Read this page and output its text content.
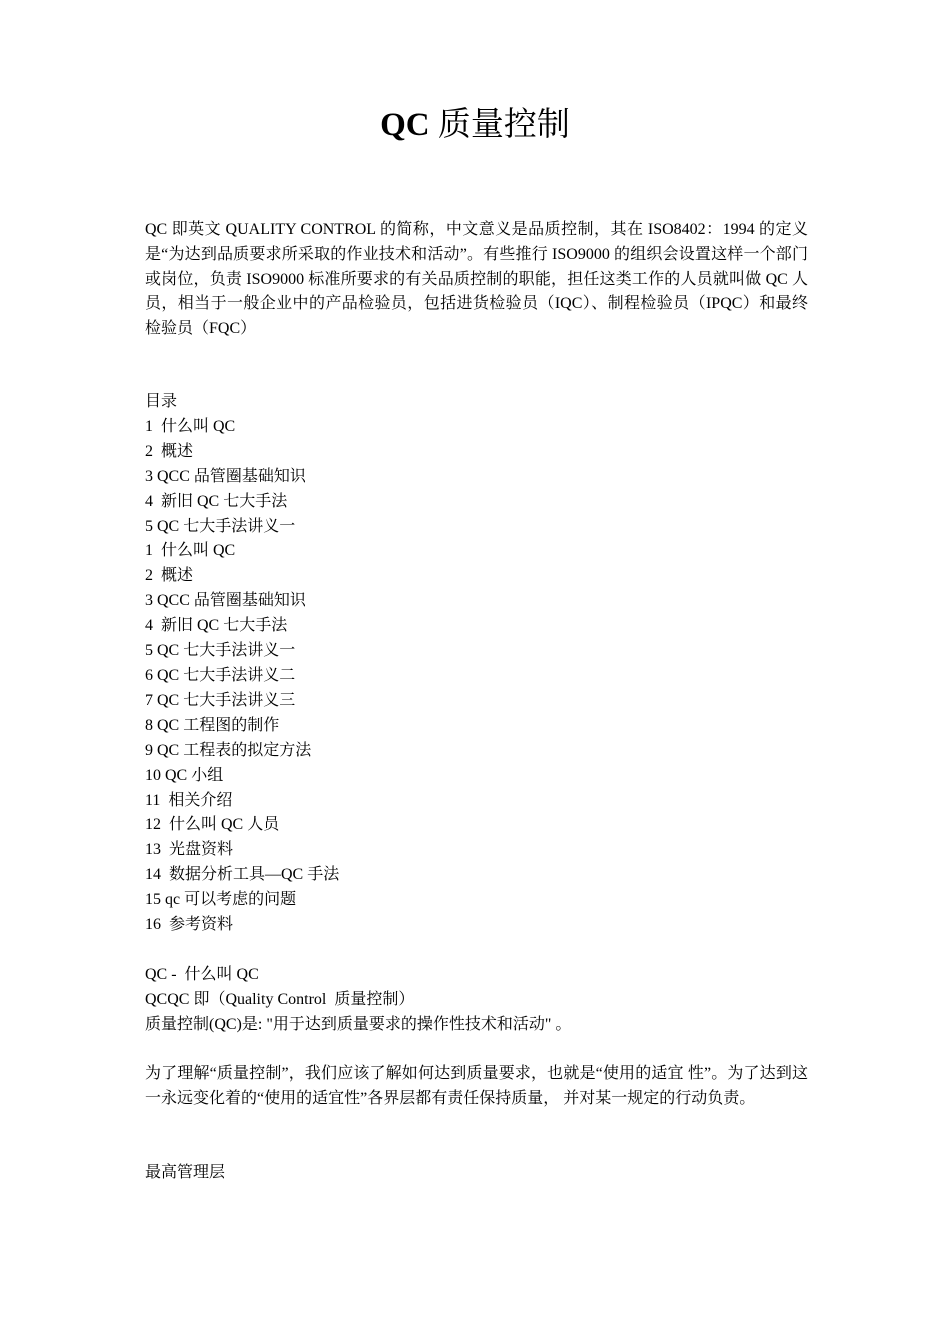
QC 质量控制

QC 即英文 QUALITY CONTROL 的简称，中文意义是品质控制，其在 ISO8402：1994 的定义是“为达到品质要求所采取的作业技术和活动”。有些推行 ISO9000 的组织会设置这样一个部门或岗位，负责 ISO9000 标准所要求的有关品质控制的职能，担任这类工作的人员就叫做 QC 人员，相当于一般企业中的产品检验员，包括进货检验员（IQC）、制程检验员（IPQC）和最终检验员（FQC）

目录
1  什么叫 QC
2  概述
3 QCC 品管圈基础知识
4  新旧 QC 七大手法
5 QC 七大手法讲义一
1  什么叫 QC
2  概述
3 QCC 品管圈基础知识
4  新旧 QC 七大手法
5 QC 七大手法讲义一
6 QC 七大手法讲义二
7 QC 七大手法讲义三
8 QC 工程图的制作
9 QC 工程表的拟定方法
10 QC 小组
11  相关介绍
12  什么叫 QC 人员
13  光盘资料
14  数据分析工具—QC 手法
15 qc 可以考虑的问题
16  参考资料

QC -  什么叫 QC

QCQC 即（Quality Control  质量控制）

质量控制(QC)是: "用于达到质量要求的操作性技术和活动" 。

为了理解“质量控制”，我们应该了解如何达到质量要求，也就是“使用的适宜 性”。为了达到这一永远变化着的“使用的适宜性”各界层都有责任保持质量， 并对某一规定的行动负责。

最高管理层
